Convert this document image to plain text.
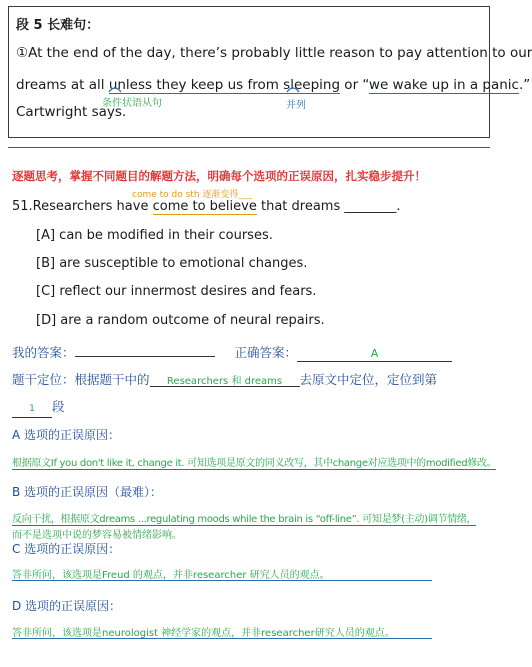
段 5 长难句：
①At the end of the day, there’s probably little reason to pay attention to our
dreams at all unless they keep us from sleeping or “we wake up in a panic.”
条件状语从句	并列
Cartwright says.
逐题思考，掌握不同题目的解题方法，明确每个选项的正误原因，扎实稳步提升！
come to do sth 逐渐变得___
51.Researchers have come to believe that dreams ________.
[A] can be modified in their courses.
[B] are susceptible to emotional changes.
[C] reflect our innermost desires and fears.
[D] are a random outcome of neural repairs.
我的答案：	正确答案：	A
题干定位：根据题干中的 Researchers 和 dreams 去原文中定位，定位到第
1 段
A 选项的正误原因：
根据原文If you don't like it, change it. 可知选项是原文的同义改写，其中change对应选项中的modified修改。
B 选项的正误原因（最难）：
反向干扰，根据原文dreams ...regulating moods while the brain is “off-line”. 可知是梦(主动)调节情绪，
而不是选项中说的梦容易被情绪影响。
C 选项的正误原因：
答非所问，该选项是Freud 的观点，并非researcher 研究人员的观点。
D 选项的正误原因：
答非所问，该选项是neurologist 神经学家的观点，并非researcher研究人员的观点。
